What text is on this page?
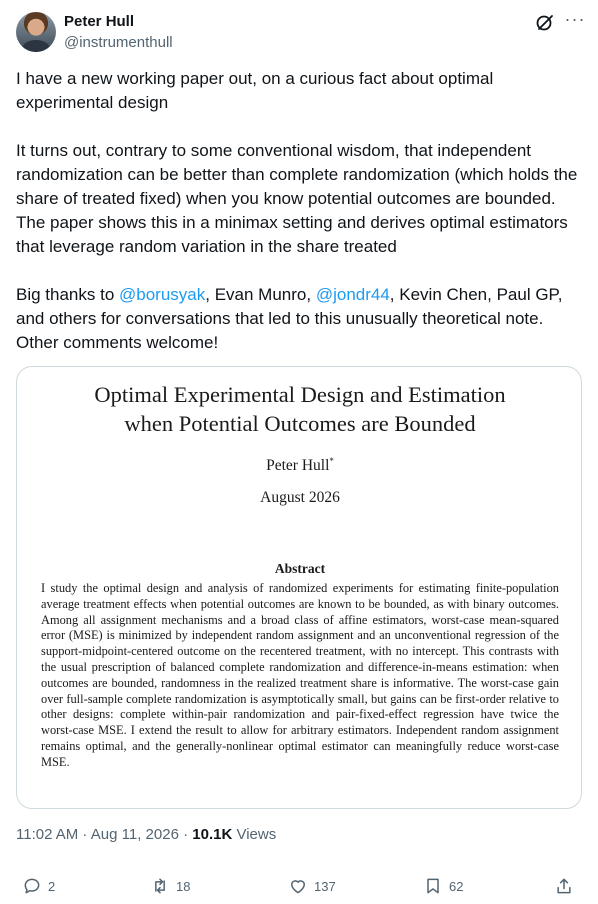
Peter Hull
@instrumenthull
···

I have a new working paper out, on a curious fact about optimal experimental design

It turns out, contrary to some conventional wisdom, that independent randomization can be better than complete randomization (which holds the share of treated fixed) when you know potential outcomes are bounded. The paper shows this in a minimax setting and derives optimal estimators that leverage random variation in the share treated

Big thanks to @borusyak, Evan Munro, @jondr44, Kevin Chen, Paul GP, and others for conversations that led to this unusually theoretical note. Other comments welcome!

Optimal Experimental Design and Estimation
when Potential Outcomes are Bounded
Peter Hull*
August 2026
Abstract
I study the optimal design and analysis of randomized experiments for estimating finite-population average treatment effects when potential outcomes are known to be bounded, as with binary outcomes. Among all assignment mechanisms and a broad class of affine estimators, worst-case mean-squared error (MSE) is minimized by independent random assignment and an unconventional regression of the support-midpoint-centered outcome on the recentered treatment, with no intercept. This contrasts with the usual prescription of balanced complete randomization and difference-in-means estimation: when outcomes are bounded, randomness in the realized treatment share is informative. The worst-case gain over full-sample complete randomization is asymptotically small, but gains can be first-order relative to other designs: complete within-pair randomization and pair-fixed-effect regression have twice the worst-case MSE. I extend the result to allow for arbitrary estimators. Independent random assignment remains optimal, and the generally-nonlinear optimal estimator can meaningfully reduce worst-case MSE.
11:02 AM · Aug 11, 2026 · 10.1K Views
2	18	137	62
